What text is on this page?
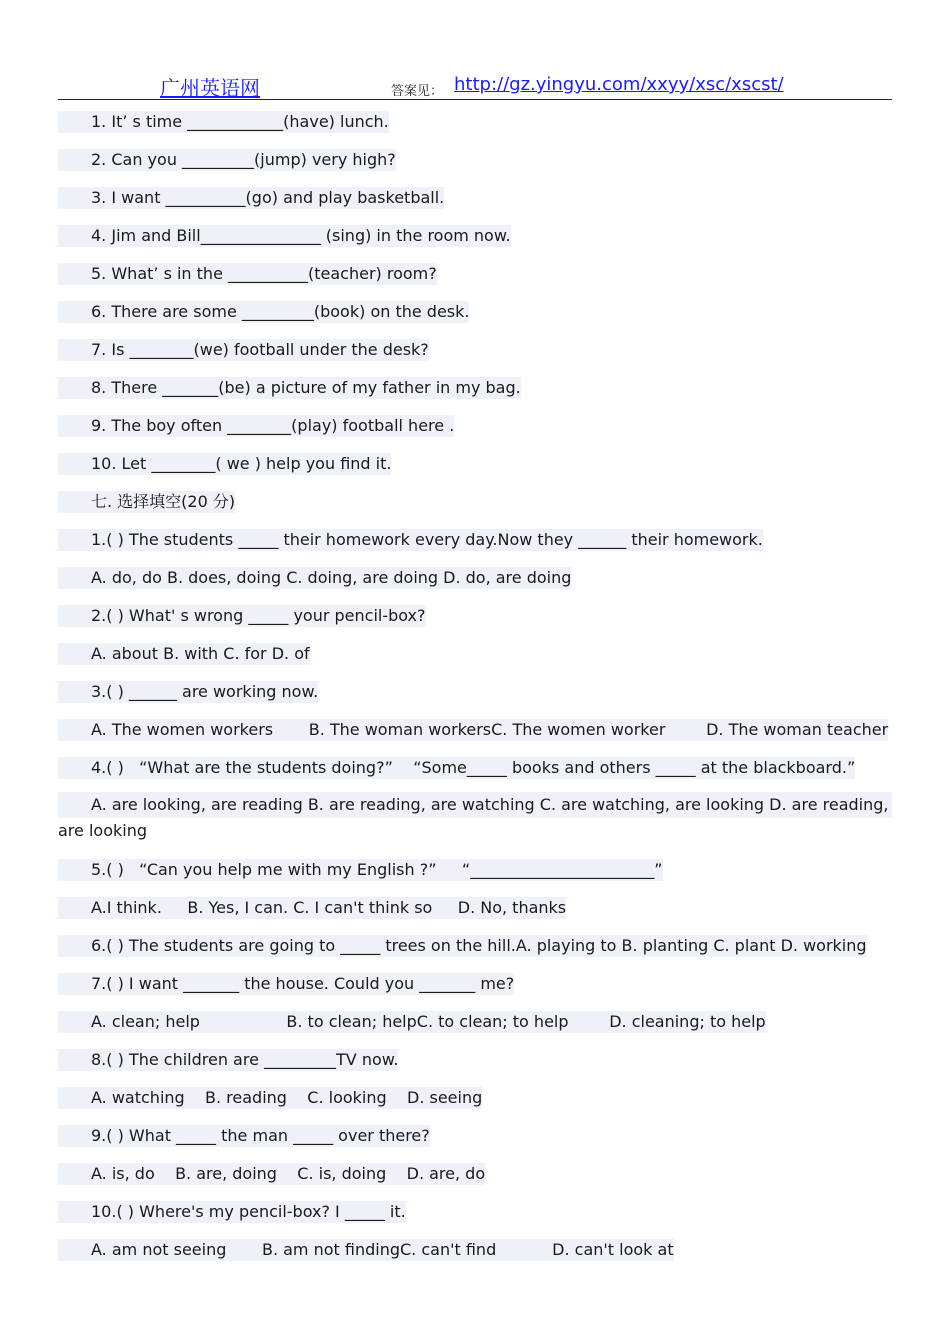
广州英语网	答案见： http://gz.yingyu.com/xxyy/xsc/xscst/
1. It’ s time ____________(have) lunch.
2. Can you _________(jump) very high?
3. I want __________(go) and play basketball.
4. Jim and Bill_______________ (sing) in the room now.
5. What’ s in the __________(teacher) room?
6. There are some _________(book) on the desk.
7. Is ________(we) football under the desk?
8. There _______(be) a picture of my father in my bag.
9. The boy often ________(play) football here .
10. Let ________( we ) help you find it.
七. 选择填空(20 分)
1.( ) The students _____ their homework every day.Now they ______ their homework.
A. do, do B. does, doing C. doing, are doing D. do, are doing
2.( ) What' s wrong _____ your pencil-box?
A. about B. with C. for D. of
3.( ) ______ are working now.
A. The women workers       B. The woman workersC. The women worker        D. The woman teacher
4.( )   “What are the students doing?”    “Some_____ books and others _____ at the blackboard.”
A. are looking, are reading B. are reading, are watching C. are watching, are looking D. are reading,
are looking
5.( )   “Can you help me with my English ?”     “_______________________”
A.I think.     B. Yes, I can. C. I can't think so     D. No, thanks
6.( ) The students are going to _____ trees on the hill.A. playing to B. planting C. plant D. working
7.( ) I want _______ the house. Could you _______ me?
A. clean; help                 B. to clean; helpC. to clean; to help        D. cleaning; to help
8.( ) The children are _________TV now.
A. watching    B. reading    C. looking    D. seeing
9.( ) What _____ the man _____ over there?
A. is, do    B. are, doing    C. is, doing    D. are, do
10.( ) Where's my pencil-box? I _____ it.
A. am not seeing       B. am not findingC. can't find           D. can't look at
